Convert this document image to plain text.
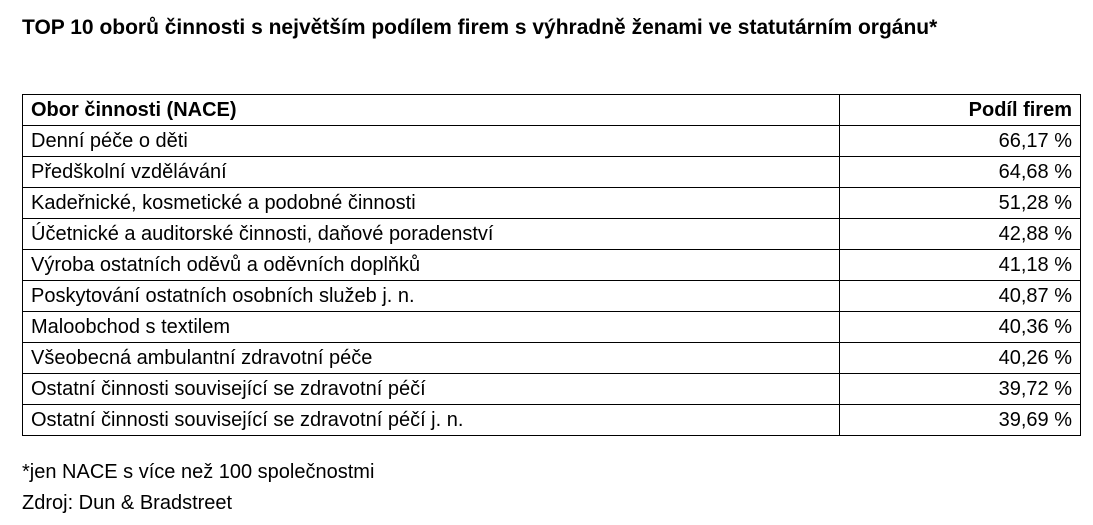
TOP 10 oborů činnosti s největším podílem firem s výhradně ženami ve statutárním orgánu*
Obor činnosti (NACE)	Podíl firem
Denní péče o děti	66,17 %
Předškolní vzdělávání	64,68 %
Kadeřnické, kosmetické a podobné činnosti	51,28 %
Účetnické a auditorské činnosti, daňové poradenství	42,88 %
Výroba ostatních oděvů a oděvních doplňků	41,18 %
Poskytování ostatních osobních služeb j. n.	40,87 %
Maloobchod s textilem	40,36 %
Všeobecná ambulantní zdravotní péče	40,26 %
Ostatní činnosti související se zdravotní péčí	39,72 %
Ostatní činnosti související se zdravotní péčí j. n.	39,69 %

*jen NACE s více než 100 společnostmi

Zdroj: Dun & Bradstreet
